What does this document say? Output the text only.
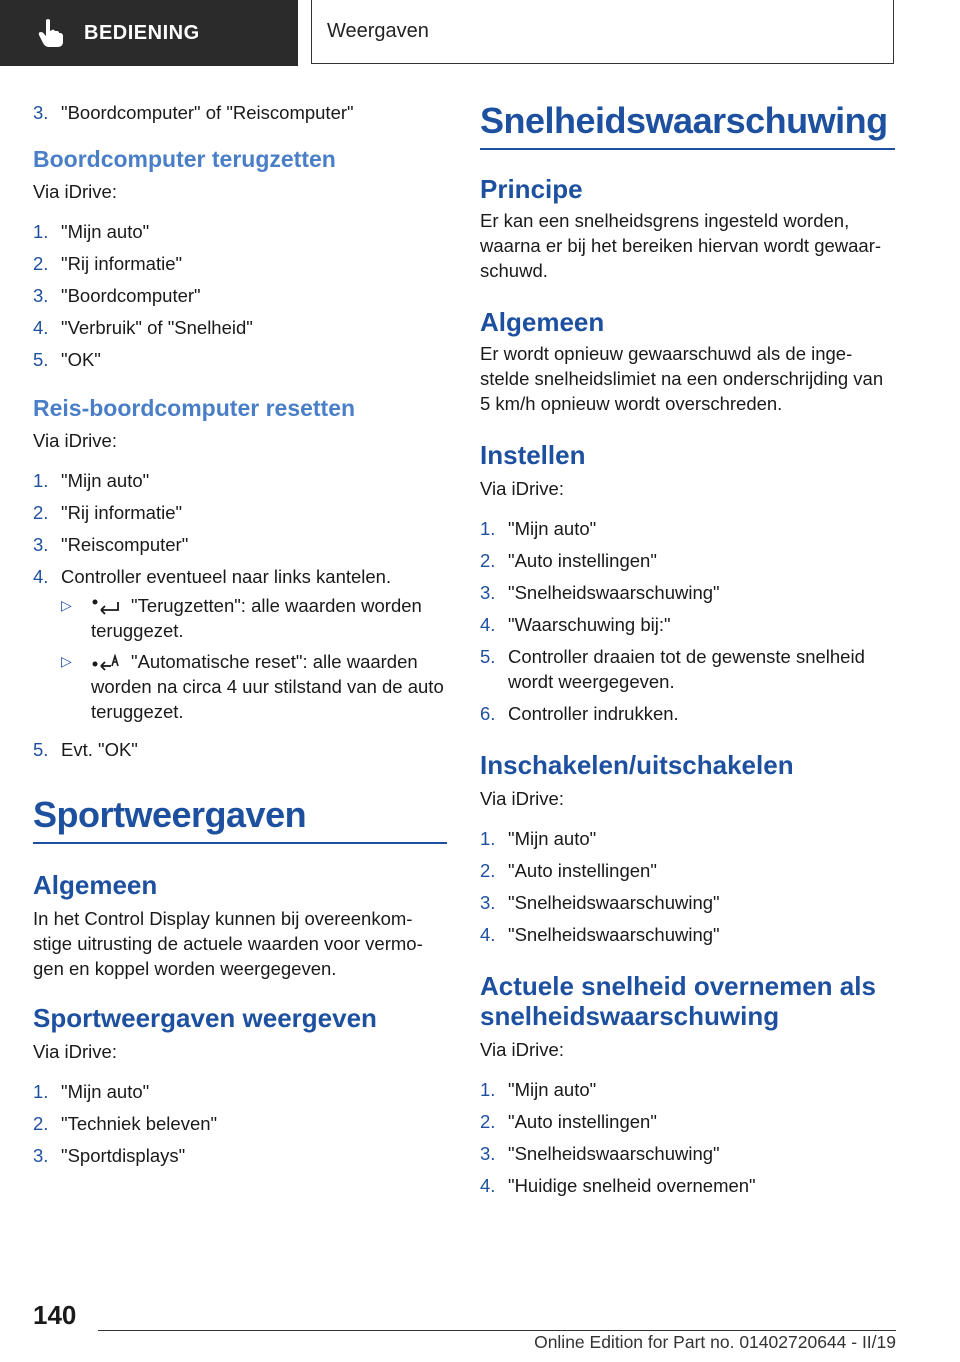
BEDIENING	Weergaven
3. "Boordcomputer" of "Reiscomputer"
Boordcomputer terugzetten

Via iDrive:

1. "Mijn auto"
2. "Rij informatie"
3. "Boordcomputer"
4. "Verbruik" of "Snelheid"
5. "OK"
Reis-boordcomputer resetten

Via iDrive:

1. "Mijn auto"
2. "Rij informatie"
3. "Reiscomputer"
4. Controller eventueel naar links kantelen.
▷	"Terugzetten": alle waarden worden teruggezet.
▷	"Automatische reset": alle waarden worden na circa 4 uur stilstand van de auto teruggezet.
5. Evt. "OK"
Sportweergaven
Algemeen

In het Control Display kunnen bij overeenkom-stige uitrusting de actuele waarden voor vermo-gen en koppel worden weergegeven.

Sportweergaven weergeven

Via iDrive:

1. "Mijn auto"
2. "Techniek beleven"
3. "Sportdisplays"
Snelheidswaarschuwing
Principe

Er kan een snelheidsgrens ingesteld worden, waarna er bij het bereiken hiervan wordt gewaar-schuwd.

Algemeen

Er wordt opnieuw gewaarschuwd als de inge-stelde snelheidslimiet na een onderschrijding van 5 km/h opnieuw wordt overschreden.

Instellen

Via iDrive:

1. "Mijn auto"
2. "Auto instellingen"
3. "Snelheidswaarschuwing"
4. "Waarschuwing bij:"
5. Controller draaien tot de gewenste snelheid wordt weergegeven.
6. Controller indrukken.
Inschakelen/uitschakelen

Via iDrive:

1. "Mijn auto"
2. "Auto instellingen"
3. "Snelheidswaarschuwing"
4. "Snelheidswaarschuwing"
Actuele snelheid overnemen als snelheidswaarschuwing

Via iDrive:

1. "Mijn auto"
2. "Auto instellingen"
3. "Snelheidswaarschuwing"
4. "Huidige snelheid overnemen"
140
Online Edition for Part no. 01402720644 - II/19
